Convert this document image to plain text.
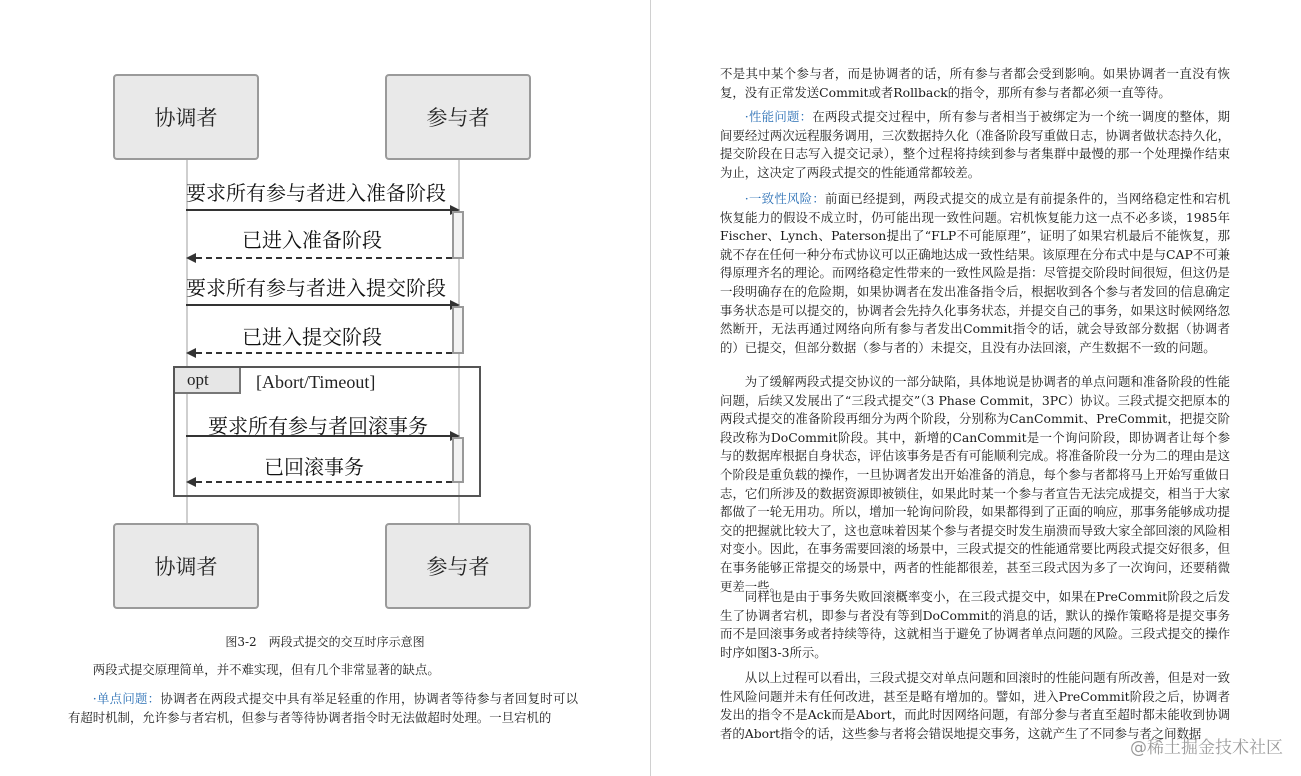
协调者	参与者
要求所有参与者进入准备阶段
已进入准备阶段
要求所有参与者进入提交阶段
已进入提交阶段
opt	[Abort/Timeout]
要求所有参与者回滚事务
已回滚事务
协调者	参与者
图3-2　两段式提交的交互时序示意图
两段式提交原理简单，并不难实现，但有几个非常显著的缺点。
·单点问题：协调者在两段式提交中具有举足轻重的作用，协调者等待参与者回复时可以有超时机制，允许参与者宕机，但参与者等待协调者指令时无法做超时处理。一旦宕机的
不是其中某个参与者，而是协调者的话，所有参与者都会受到影响。如果协调者一直没有恢复，没有正常发送Commit或者Rollback的指令，那所有参与者都必须一直等待。
·性能问题：在两段式提交过程中，所有参与者相当于被绑定为一个统一调度的整体，期间要经过两次远程服务调用，三次数据持久化（准备阶段写重做日志，协调者做状态持久化，提交阶段在日志写入提交记录），整个过程将持续到参与者集群中最慢的那一个处理操作结束为止，这决定了两段式提交的性能通常都较差。
·一致性风险：前面已经提到，两段式提交的成立是有前提条件的，当网络稳定性和宕机恢复能力的假设不成立时，仍可能出现一致性问题。宕机恢复能力这一点不必多谈，1985年Fischer、Lynch、Paterson提出了“FLP不可能原理”，证明了如果宕机最后不能恢复，那就不存在任何一种分布式协议可以正确地达成一致性结果。该原理在分布式中是与CAP不可兼得原理齐名的理论。而网络稳定性带来的一致性风险是指：尽管提交阶段时间很短，但这仍是一段明确存在的危险期，如果协调者在发出准备指令后，根据收到各个参与者发回的信息确定事务状态是可以提交的，协调者会先持久化事务状态，并提交自己的事务，如果这时候网络忽然断开，无法再通过网络向所有参与者发出Commit指令的话，就会导致部分数据（协调者的）已提交，但部分数据（参与者的）未提交，且没有办法回滚，产生数据不一致的问题。
为了缓解两段式提交协议的一部分缺陷，具体地说是协调者的单点问题和准备阶段的性能问题，后续又发展出了“三段式提交”（3 Phase Commit，3PC）协议。三段式提交把原本的两段式提交的准备阶段再细分为两个阶段，分别称为CanCommit、PreCommit，把提交阶段改称为DoCommit阶段。其中，新增的CanCommit是一个询问阶段，即协调者让每个参与的数据库根据自身状态，评估该事务是否有可能顺利完成。将准备阶段一分为二的理由是这个阶段是重负载的操作，一旦协调者发出开始准备的消息，每个参与者都将马上开始写重做日志，它们所涉及的数据资源即被锁住，如果此时某一个参与者宣告无法完成提交，相当于大家都做了一轮无用功。所以，增加一轮询问阶段，如果都得到了正面的响应，那事务能够成功提交的把握就比较大了，这也意味着因某个参与者提交时发生崩溃而导致大家全部回滚的风险相对变小。因此，在事务需要回滚的场景中，三段式提交的性能通常要比两段式提交好很多，但在事务能够正常提交的场景中，两者的性能都很差，甚至三段式因为多了一次询问，还要稍微更差一些。
同样也是由于事务失败回滚概率变小，在三段式提交中，如果在PreCommit阶段之后发生了协调者宕机，即参与者没有等到DoCommit的消息的话，默认的操作策略将是提交事务而不是回滚事务或者持续等待，这就相当于避免了协调者单点问题的风险。三段式提交的操作时序如图3-3所示。
从以上过程可以看出，三段式提交对单点问题和回滚时的性能问题有所改善，但是对一致性风险问题并未有任何改进，甚至是略有增加的。譬如，进入PreCommit阶段之后，协调者发出的指令不是Ack而是Abort，而此时因网络问题，有部分参与者直至超时都未能收到协调者的Abort指令的话，这些参与者将会错误地提交事务，这就产生了不同参与者之间数据
@稀土掘金技术社区
